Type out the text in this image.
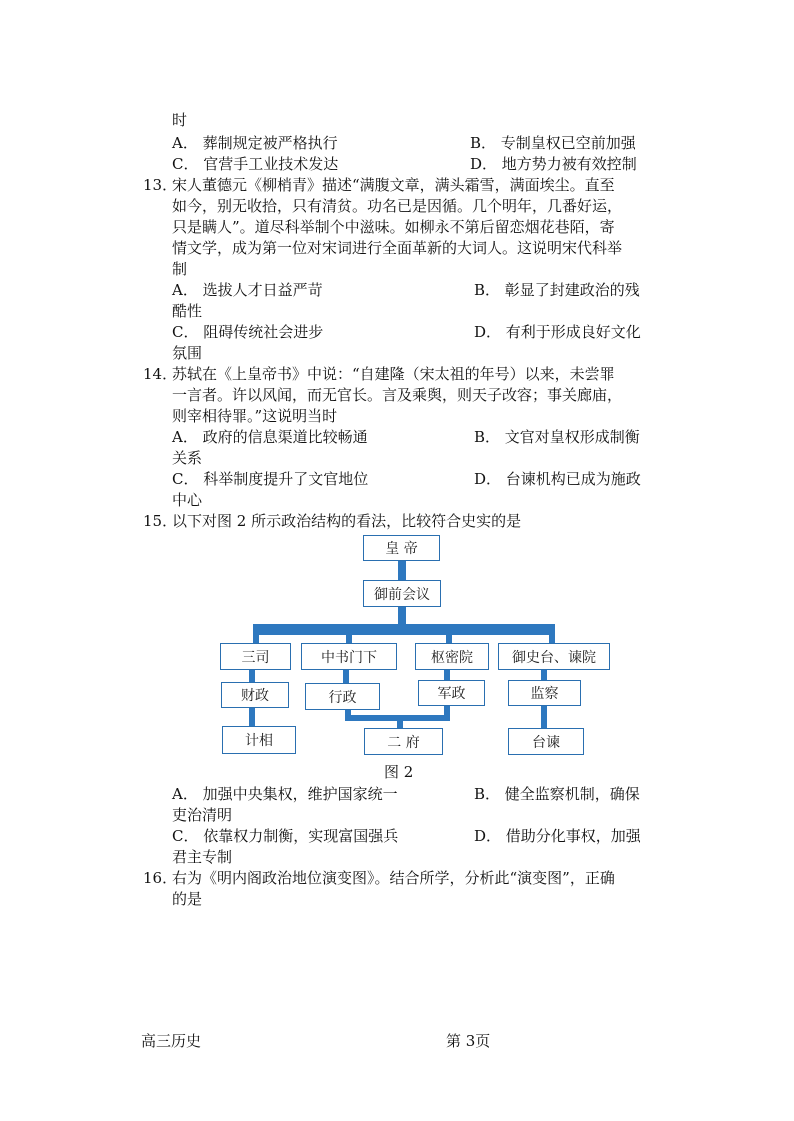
时
A． 葬制规定被严格执行	B． 专制皇权已空前加强
C． 官营手工业技术发达	D． 地方势力被有效控制
13．
宋人董德元《柳梢青》描述“满腹文章，满头霜雪，满面埃尘。直至
如今，别无收拾，只有清贫。功名已是因循。几个明年，几番好运，
只是瞒人”。道尽科举制个中滋味。如柳永不第后留恋烟花巷陌，寄
情文学，成为第一位对宋词进行全面革新的大词人。这说明宋代科举
制
A． 选拔人才日益严苛	B． 彰显了封建政治的残
酷性
C． 阻碍传统社会进步	D． 有利于形成良好文化
氛围
14．
苏轼在《上皇帝书》中说：“自建隆（宋太祖的年号）以来，未尝罪
一言者。许以风闻，而无官长。言及乘舆，则天子改容；事关廊庙，
则宰相待罪。”这说明当时
A． 政府的信息渠道比较畅通	B． 文官对皇权形成制衡
关系
C． 科举制度提升了文官地位	D． 台谏机构已成为施政
中心
15．
以下对图 2 所示政治结构的看法，比较符合史实的是
皇 帝
御前会议
三司	中书门下	枢密院	御史台、谏院
财政	行政	军政	监察
计相	二 府	台谏
图 2
A． 加强中央集权，维护国家统一	B． 健全监察机制，确保
吏治清明
C． 依靠权力制衡，实现富国强兵	D． 借助分化事权，加强
君主专制
16．
右为《明内阁政治地位演变图》。结合所学，分析此“演变图”，正确
的是
高三历史	第 3页
